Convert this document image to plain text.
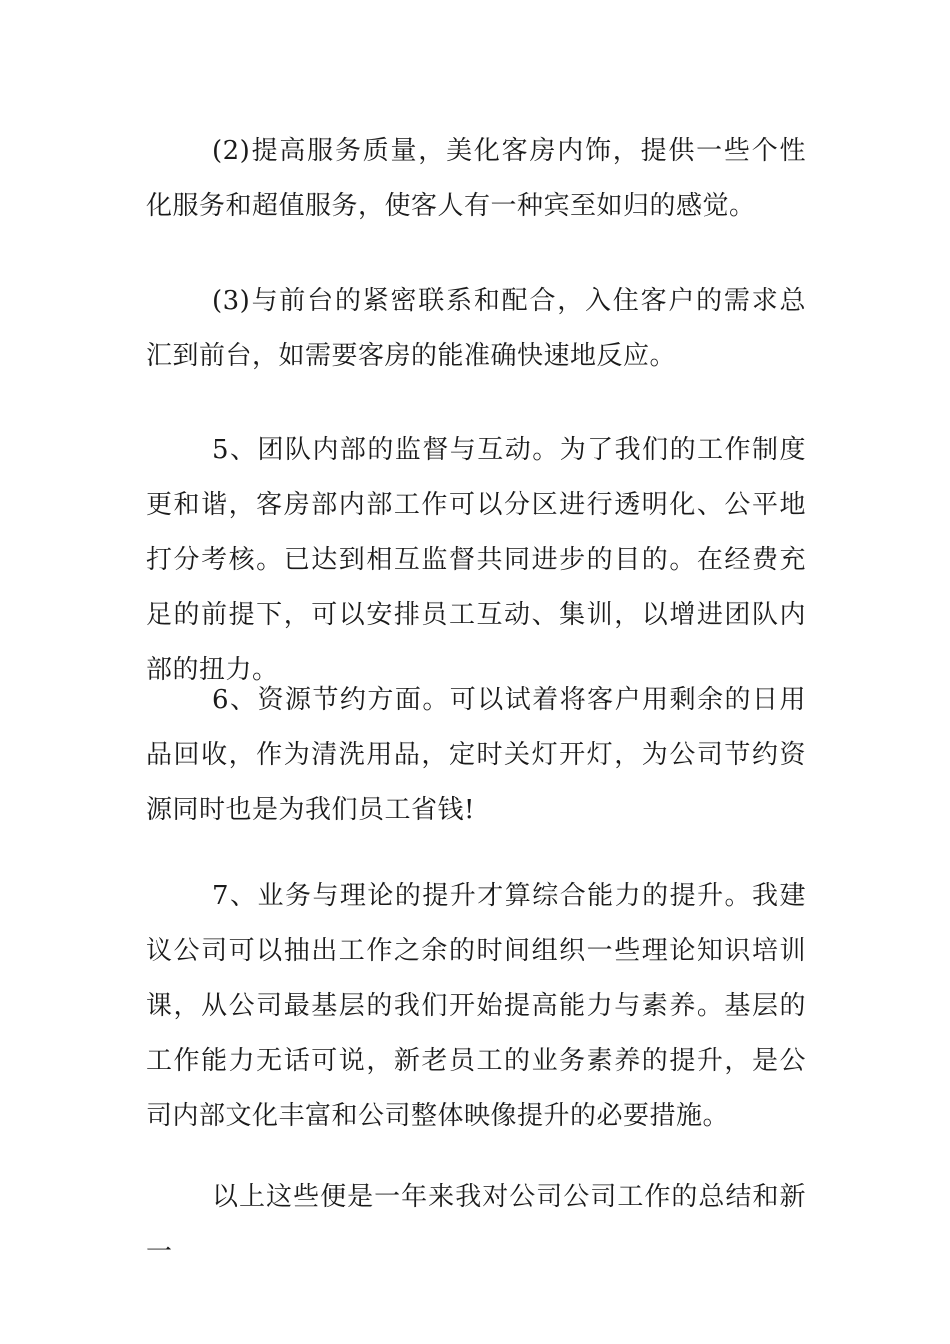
(2)提高服务质量，美化客房内饰，提供一些个性化服务和超值服务，使客人有一种宾至如归的感觉。

(3)与前台的紧密联系和配合，入住客户的需求总汇到前台，如需要客房的能准确快速地反应。

5、团队内部的监督与互动。为了我们的工作制度更和谐，客房部内部工作可以分区进行透明化、公平地打分考核。已达到相互监督共同进步的目的。在经费充足的前提下，可以安排员工互动、集训，以增进团队内部的扭力。

6、资源节约方面。可以试着将客户用剩余的日用品回收，作为清洗用品，定时关灯开灯，为公司节约资源同时也是为我们员工省钱!

7、业务与理论的提升才算综合能力的提升。我建议公司可以抽出工作之余的时间组织一些理论知识培训课，从公司最基层的我们开始提高能力与素养。基层的工作能力无话可说，新老员工的业务素养的提升，是公司内部文化丰富和公司整体映像提升的必要措施。

以上这些便是一年来我对公司公司工作的总结和新一
